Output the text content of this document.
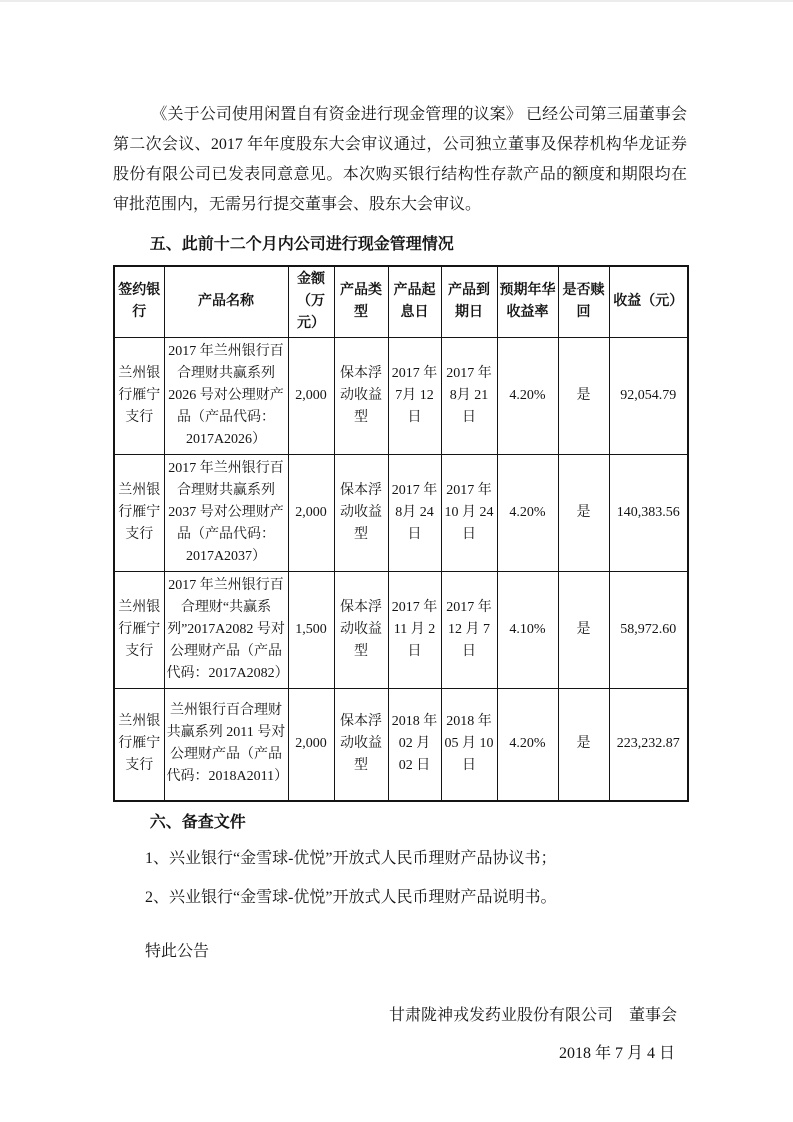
《关于公司使用闲置自有资金进行现金管理的议案》 已经公司第三届董事会第二次会议、2017 年年度股东大会审议通过，公司独立董事及保荐机构华龙证券股份有限公司已发表同意意见。本次购买银行结构性存款产品的额度和期限均在审批范围内，无需另行提交董事会、股东大会审议。

五、此前十二个月内公司进行现金管理情况
签约银行	产品名称	金额（万元）	产品类型	产品起息日	产品到期日	预期年华收益率	是否赎回	收益（元）
兰州银行雁宁支行	2017 年兰州银行百合理财共赢系列 2026 号对公理财产品（产品代码：2017A2026）	2,000	保本浮动收益型	2017 年7月 12 日	2017 年8月 21 日	4.20%	是	92,054.79
兰州银行雁宁支行	2017 年兰州银行百合理财共赢系列 2037 号对公理财产品（产品代码：2017A2037）	2,000	保本浮动收益型	2017 年8月 24 日	2017 年 10 月 24 日	4.20%	是	140,383.56
兰州银行雁宁支行	2017 年兰州银行百合理财“共赢系列”2017A2082 号对公理财产品（产品代码：2017A2082）	1,500	保本浮动收益型	2017 年 11 月 2 日	2017 年 12 月 7 日	4.10%	是	58,972.60
兰州银行雁宁支行	兰州银行百合理财共赢系列 2011 号对公理财产品（产品代码：2018A2011）	2,000	保本浮动收益型	2018 年 02 月 02 日	2018 年 05 月 10 日	4.20%	是	223,232.87
六、备查文件

1、兴业银行“金雪球-优悦”开放式人民币理财产品协议书；

2、兴业银行“金雪球-优悦”开放式人民币理财产品说明书。

特此公告

甘肃陇神戎发药业股份有限公司　董事会

2018 年 7 月 4 日
